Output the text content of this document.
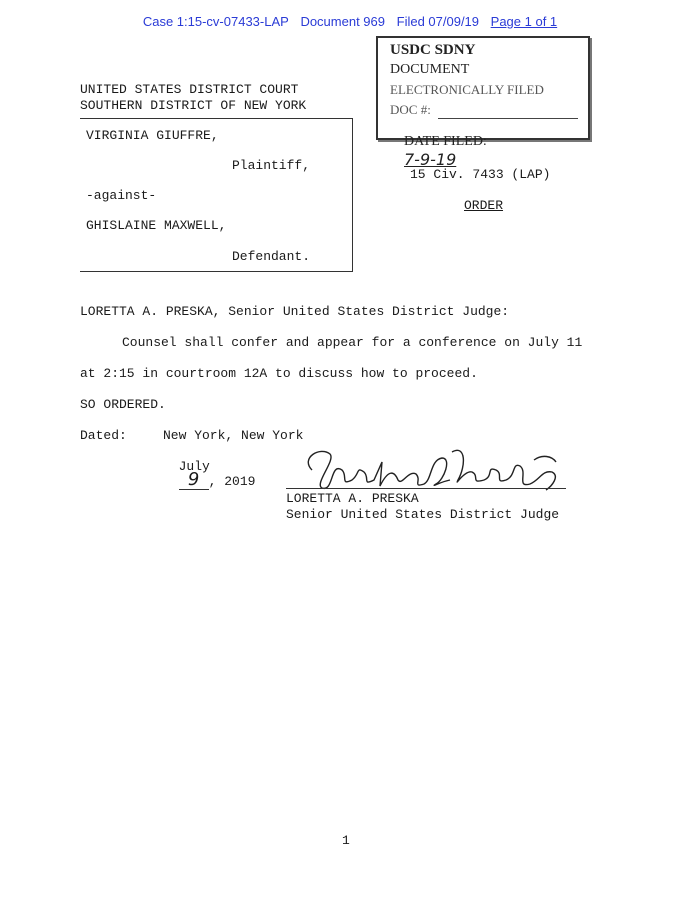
Case 1:15-cv-07433-LAP Document 969 Filed 07/09/19 Page 1 of 1
USDC SDNY
DOCUMENT
ELECTRONICALLY FILED
DOC #:

DATE FILED:
7-9-19

UNITED STATES DISTRICT COURT
SOUTHERN DISTRICT OF NEW YORK
VIRGINIA GIUFFRE,
Plaintiff,
-against-
GHISLAINE MAXWELL,
Defendant.
15 Civ. 7433 (LAP)
ORDER
LORETTA A. PRESKA, Senior United States District Judge:
Counsel shall confer and appear for a conference on July 11
at 2:15 in courtroom 12A to discuss how to proceed.
SO ORDERED.
Dated:	New York, New York

July
9 , 2019

LORETTA A. PRESKA
Senior United States District Judge
1
